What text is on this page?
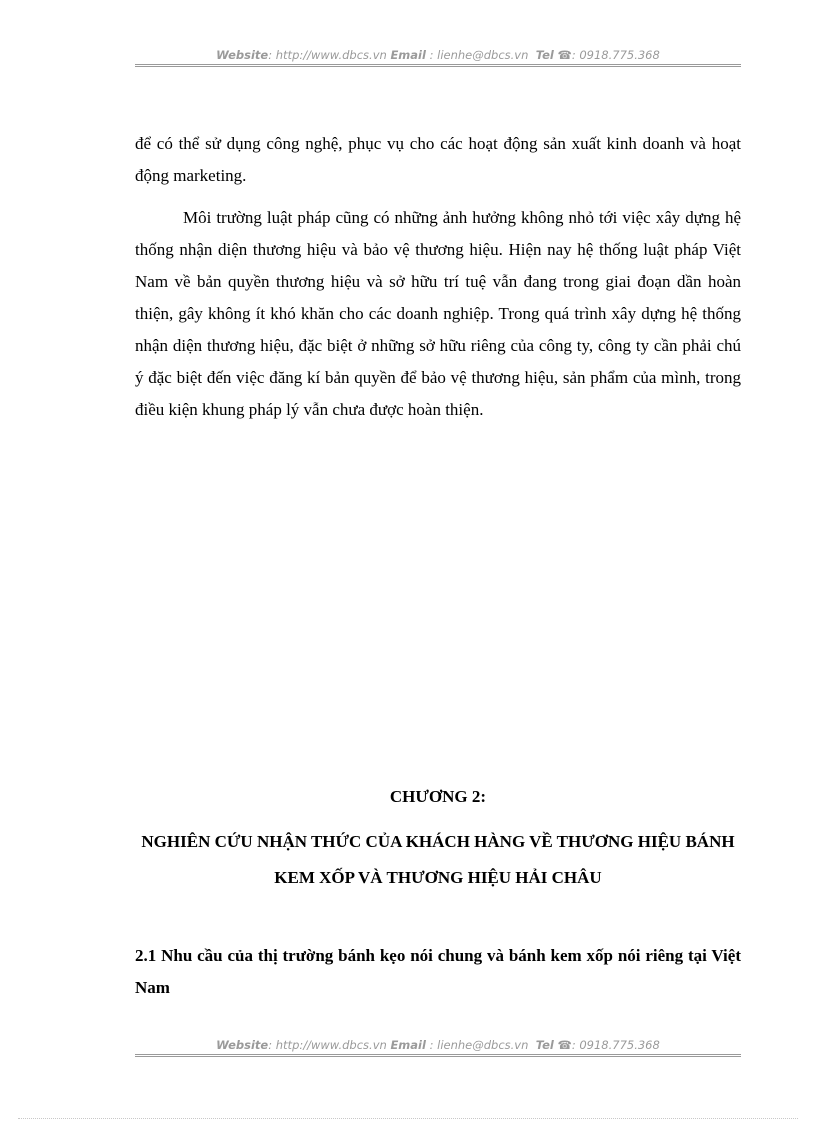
Website: http://www.dbcs.vn Email : lienhe@dbcs.vn Tel ☎: 0918.775.368

để có thể sử dụng công nghệ, phục vụ cho các hoạt động sản xuất kinh doanh và hoạt động marketing.

Môi trường luật pháp cũng có những ảnh hưởng không nhỏ tới việc xây dựng hệ thống nhận diện thương hiệu và bảo vệ thương hiệu. Hiện nay hệ thống luật pháp Việt Nam về bản quyền thương hiệu và sở hữu trí tuệ vẫn đang trong giai đoạn dần hoàn thiện, gây không ít khó khăn cho các doanh nghiệp. Trong quá trình xây dựng hệ thống nhận diện thương hiệu, đặc biệt ở những sở hữu riêng của công ty, công ty cần phải chú ý đặc biệt đến việc đăng kí bản quyền để bảo vệ thương hiệu, sản phẩm của mình, trong điều kiện khung pháp lý vẫn chưa được hoàn thiện.

CHƯƠNG 2:

NGHIÊN CỨU NHẬN THỨC CỦA KHÁCH HÀNG VỀ THƯƠNG HIỆU BÁNH KEM XỐP VÀ THƯƠNG HIỆU HẢI CHÂU

2.1 Nhu cầu của thị trường bánh kẹo nói chung và bánh kem xốp nói riêng tại Việt Nam

Website: http://www.dbcs.vn Email : lienhe@dbcs.vn Tel ☎: 0918.775.368
